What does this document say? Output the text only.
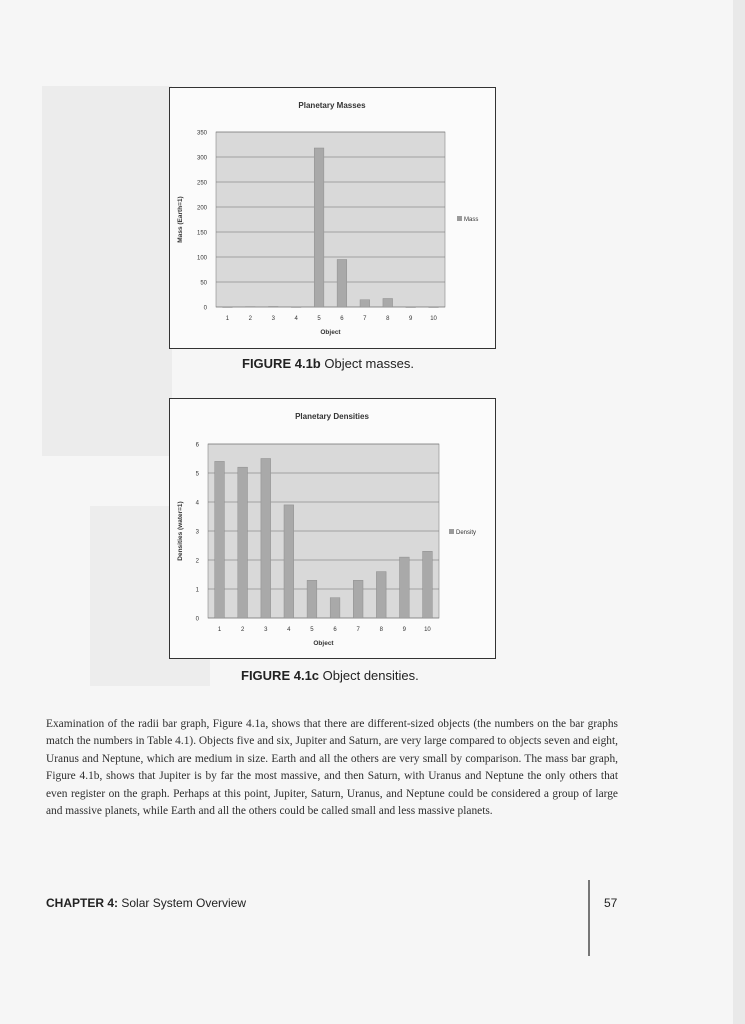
Planetary Masses
0
50
100
150
200
250
300
350
1	2	3	4	5	6	7	8	9	10
Object
Mass (Earth=1)	Mass
FIGURE 4.1b Object masses.
Planetary Densities
0
1
2
3
4
5
6
1	2	3	4	5	6	7	8	9	10
Object
Densities (water=1)	Density
FIGURE 4.1c Object densities.
Examination of the radii bar graph, Figure 4.1a, shows that there are different-sized objects (the numbers on the bar graphs match the numbers in Table 4.1). Objects five and six, Jupiter and Saturn, are very large compared to objects seven and eight, Uranus and Neptune, which are medium in size. Earth and all the others are very small by comparison. The mass bar graph, Figure 4.1b, shows that Jupiter is by far the most massive, and then Saturn, with Uranus and Neptune the only others that even register on the graph. Perhaps at this point, Jupiter, Saturn, Uranus, and Neptune could be considered a group of large and massive planets, while Earth and all the others could be called small and less massive planets.
CHAPTER 4: Solar System Overview	57
